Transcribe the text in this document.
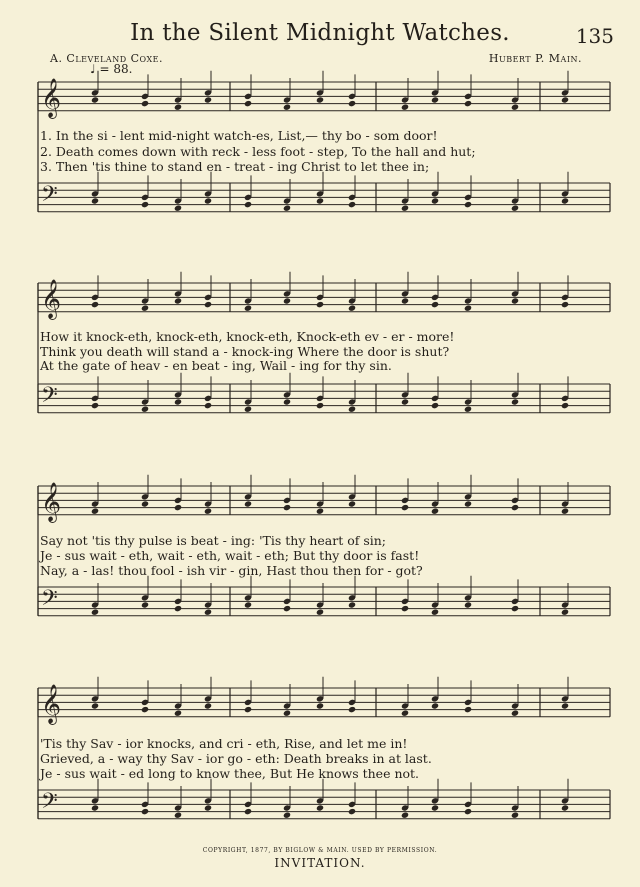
In the Silent Midnight Watches.	135
A. Cleveland Coxe.	Hubert P. Main.
♩ = 88.
𝄞
𝄢
𝄞
𝄢
𝄞
𝄢
𝄞
𝄢
1. In the si - lent mid-night watch-es, List,— thy bo - som door!
2. Death comes down with reck - less foot - step, To the hall and hut;
3. Then 'tis thine to stand en - treat - ing Christ to let thee in;
How it knock-eth, knock-eth, knock-eth, Knock-eth ev - er - more!
Think you death will stand a - knock-ing Where the door is shut?
At the gate of heav - en beat - ing, Wail - ing for thy sin.
Say not 'tis thy pulse is beat - ing: 'Tis thy heart of sin;
Je - sus wait - eth, wait - eth, wait - eth; But thy door is fast!
Nay, a - las! thou fool - ish vir - gin, Hast thou then for - got?
'Tis thy Sav - ior knocks, and cri - eth, Rise, and let me in!
Grieved, a - way thy Sav - ior go - eth: Death breaks in at last.
Je - sus wait - ed long to know thee, But He knows thee not.
COPYRIGHT, 1877, BY BIGLOW & MAIN. USED BY PERMISSION.
INVITATION.
